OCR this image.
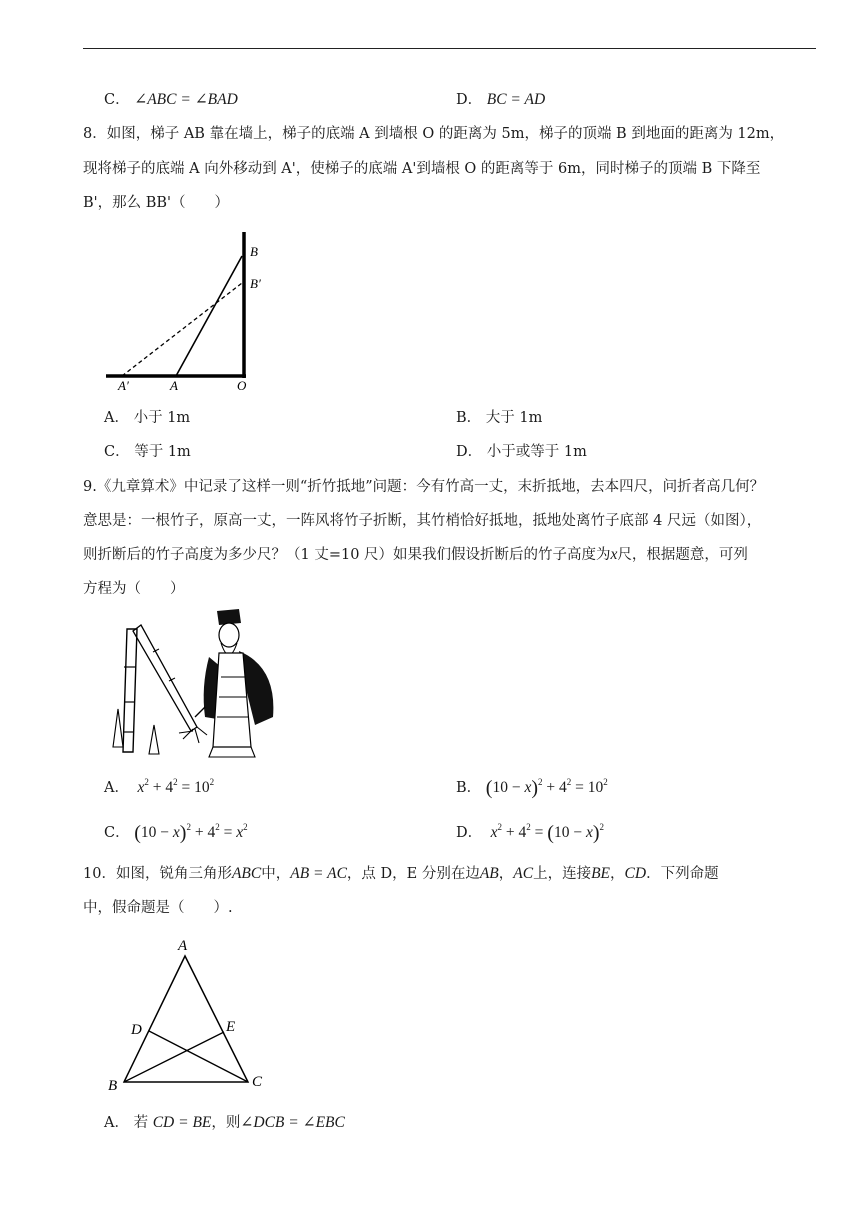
C． ∠ABC = ∠BAD	D． BC = AD
8．如图，梯子 AB 靠在墙上，梯子的底端 A 到墙根 O 的距离为 5m，梯子的顶端 B 到地面的距离为 12m，
现将梯子的底端 A 向外移动到 A'，使梯子的底端 A'到墙根 O 的距离等于 6m，同时梯子的顶端 B 下降至
B'，那么 BB'（　　）
B
B′
A′	A	O
A． 小于 1m	B． 大于 1m
C． 等于 1m	D． 小于或等于 1m
9.《九章算术》中记录了这样一则“折竹抵地”问题：今有竹高一丈，末折抵地，去本四尺，问折者高几何？
意思是：一根竹子，原高一丈，一阵风将竹子折断，其竹梢恰好抵地，抵地处离竹子底部 4 尺远（如图），
则折断后的竹子高度为多少尺？（1 丈=10 尺）如果我们假设折断后的竹子高度为x尺，根据题意，可列
方程为（　　）
A．  $x^2 + 4^2 = 10^2$	B． $(10 - x)^2 + 4^2 = 10^2$
C． $(10 - x)^2 + 4^2 = x^2$	D．  $x^2 + 4^2 = (10 - x)^2$
10．如图，锐角三角形ABC中，AB = AC，点 D，E 分别在边AB，AC上，连接BE，CD．下列命题
中，假命题是（　　）.
A
B	C
D	E
A． 若 CD = BE，则∠DCB = ∠EBC
